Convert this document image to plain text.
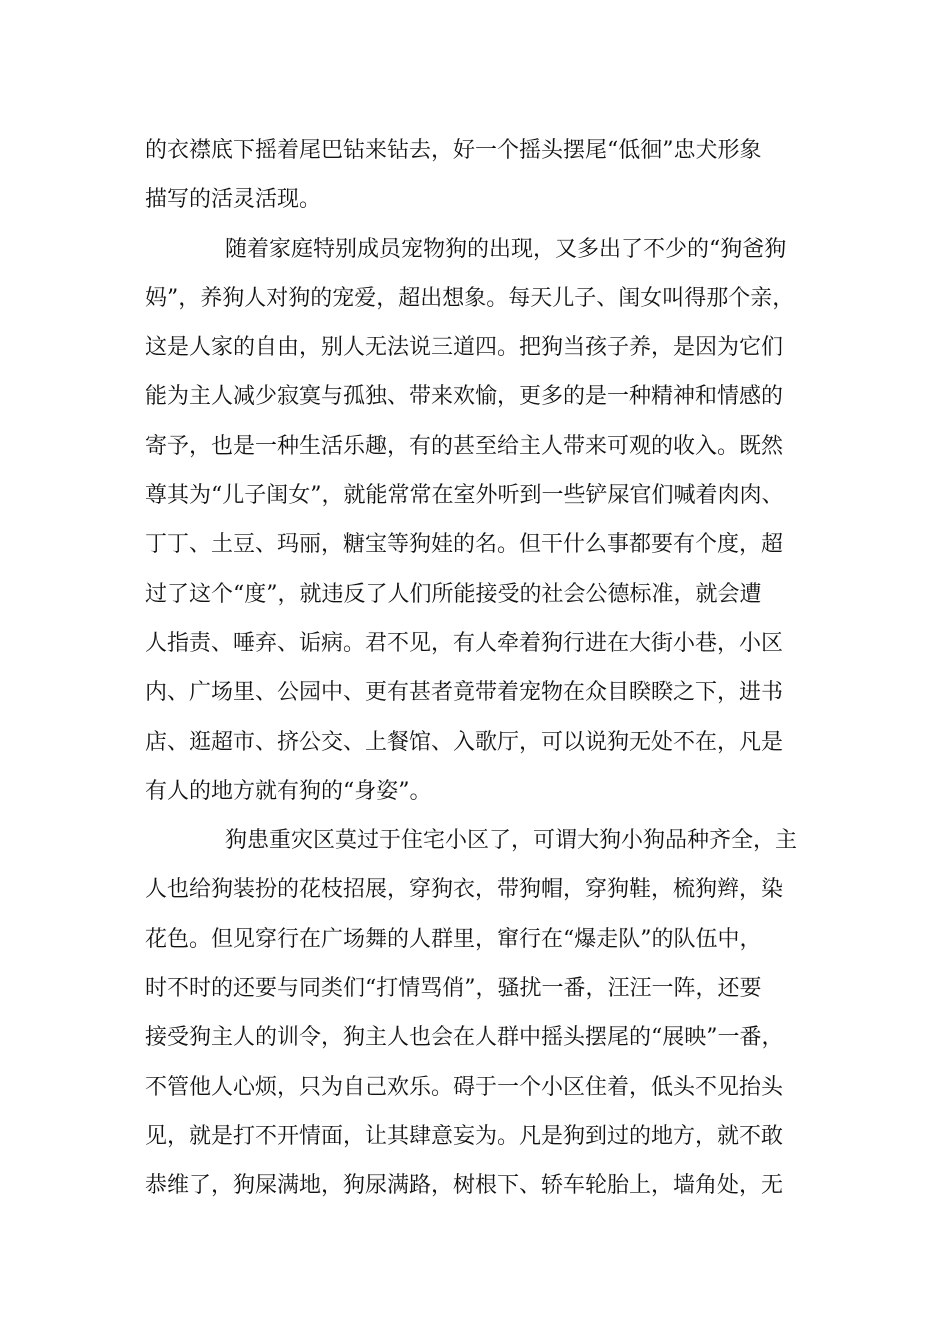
的衣襟底下摇着尾巴钻来钻去，好一个摇头摆尾“低徊”忠犬形象
描写的活灵活现。
随着家庭特别成员宠物狗的出现，又多出了不少的“狗爸狗
妈”，养狗人对狗的宠爱，超出想象。每天儿子、闺女叫得那个亲，
这是人家的自由，别人无法说三道四。把狗当孩子养，是因为它们
能为主人减少寂寞与孤独、带来欢愉，更多的是一种精神和情感的
寄予，也是一种生活乐趣，有的甚至给主人带来可观的收入。既然
尊其为“儿子闺女”，就能常常在室外听到一些铲屎官们喊着肉肉、
丁丁、土豆、玛丽，糖宝等狗娃的名。但干什么事都要有个度，超
过了这个“度”，就违反了人们所能接受的社会公德标准，就会遭
人指责、唾弃、诟病。君不见，有人牵着狗行进在大街小巷，小区
内、广场里、公园中、更有甚者竟带着宠物在众目睽睽之下，进书
店、逛超市、挤公交、上餐馆、入歌厅，可以说狗无处不在，凡是
有人的地方就有狗的“身姿”。
狗患重灾区莫过于住宅小区了，可谓大狗小狗品种齐全，主
人也给狗装扮的花枝招展，穿狗衣，带狗帽，穿狗鞋，梳狗辫，染
花色。但见穿行在广场舞的人群里，窜行在“爆走队”的队伍中，
时不时的还要与同类们“打情骂俏”，骚扰一番，汪汪一阵，还要
接受狗主人的训令，狗主人也会在人群中摇头摆尾的“展映”一番，
不管他人心烦，只为自己欢乐。碍于一个小区住着，低头不见抬头
见，就是打不开情面，让其肆意妄为。凡是狗到过的地方，就不敢
恭维了，狗屎满地，狗尿满路，树根下、轿车轮胎上，墙角处，无
